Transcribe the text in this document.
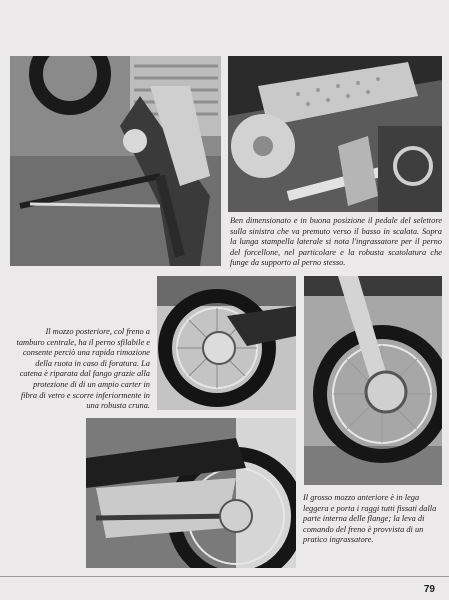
Ben dimensionato e in buona posizione il pedale del selettore sulla sinistra che va premuto verso il basso in scalata. Sopra la lunga stampella laterale si nota l'ingrassatore per il perno del forcellone, nel particolare e la robusta scatolatura che funge da supporto al perno stesso.

Il mozzo posteriore, col freno a tamburo centrale, ha il perno sfilabile e consente perciò una rapida rimozione della ruota in caso di foratura. La catena è riparata dal fango grazie alla protezione di di un ampio carter in fibra di vetro e scorre inferiormente in una robusta cruna.

Il grosso mozzo anteriore è in lega leggera e porta i raggi tutti fissati dalla parte interna delle flange; la leva di comando del freno è provvista di un pratico ingrassatore.

79
